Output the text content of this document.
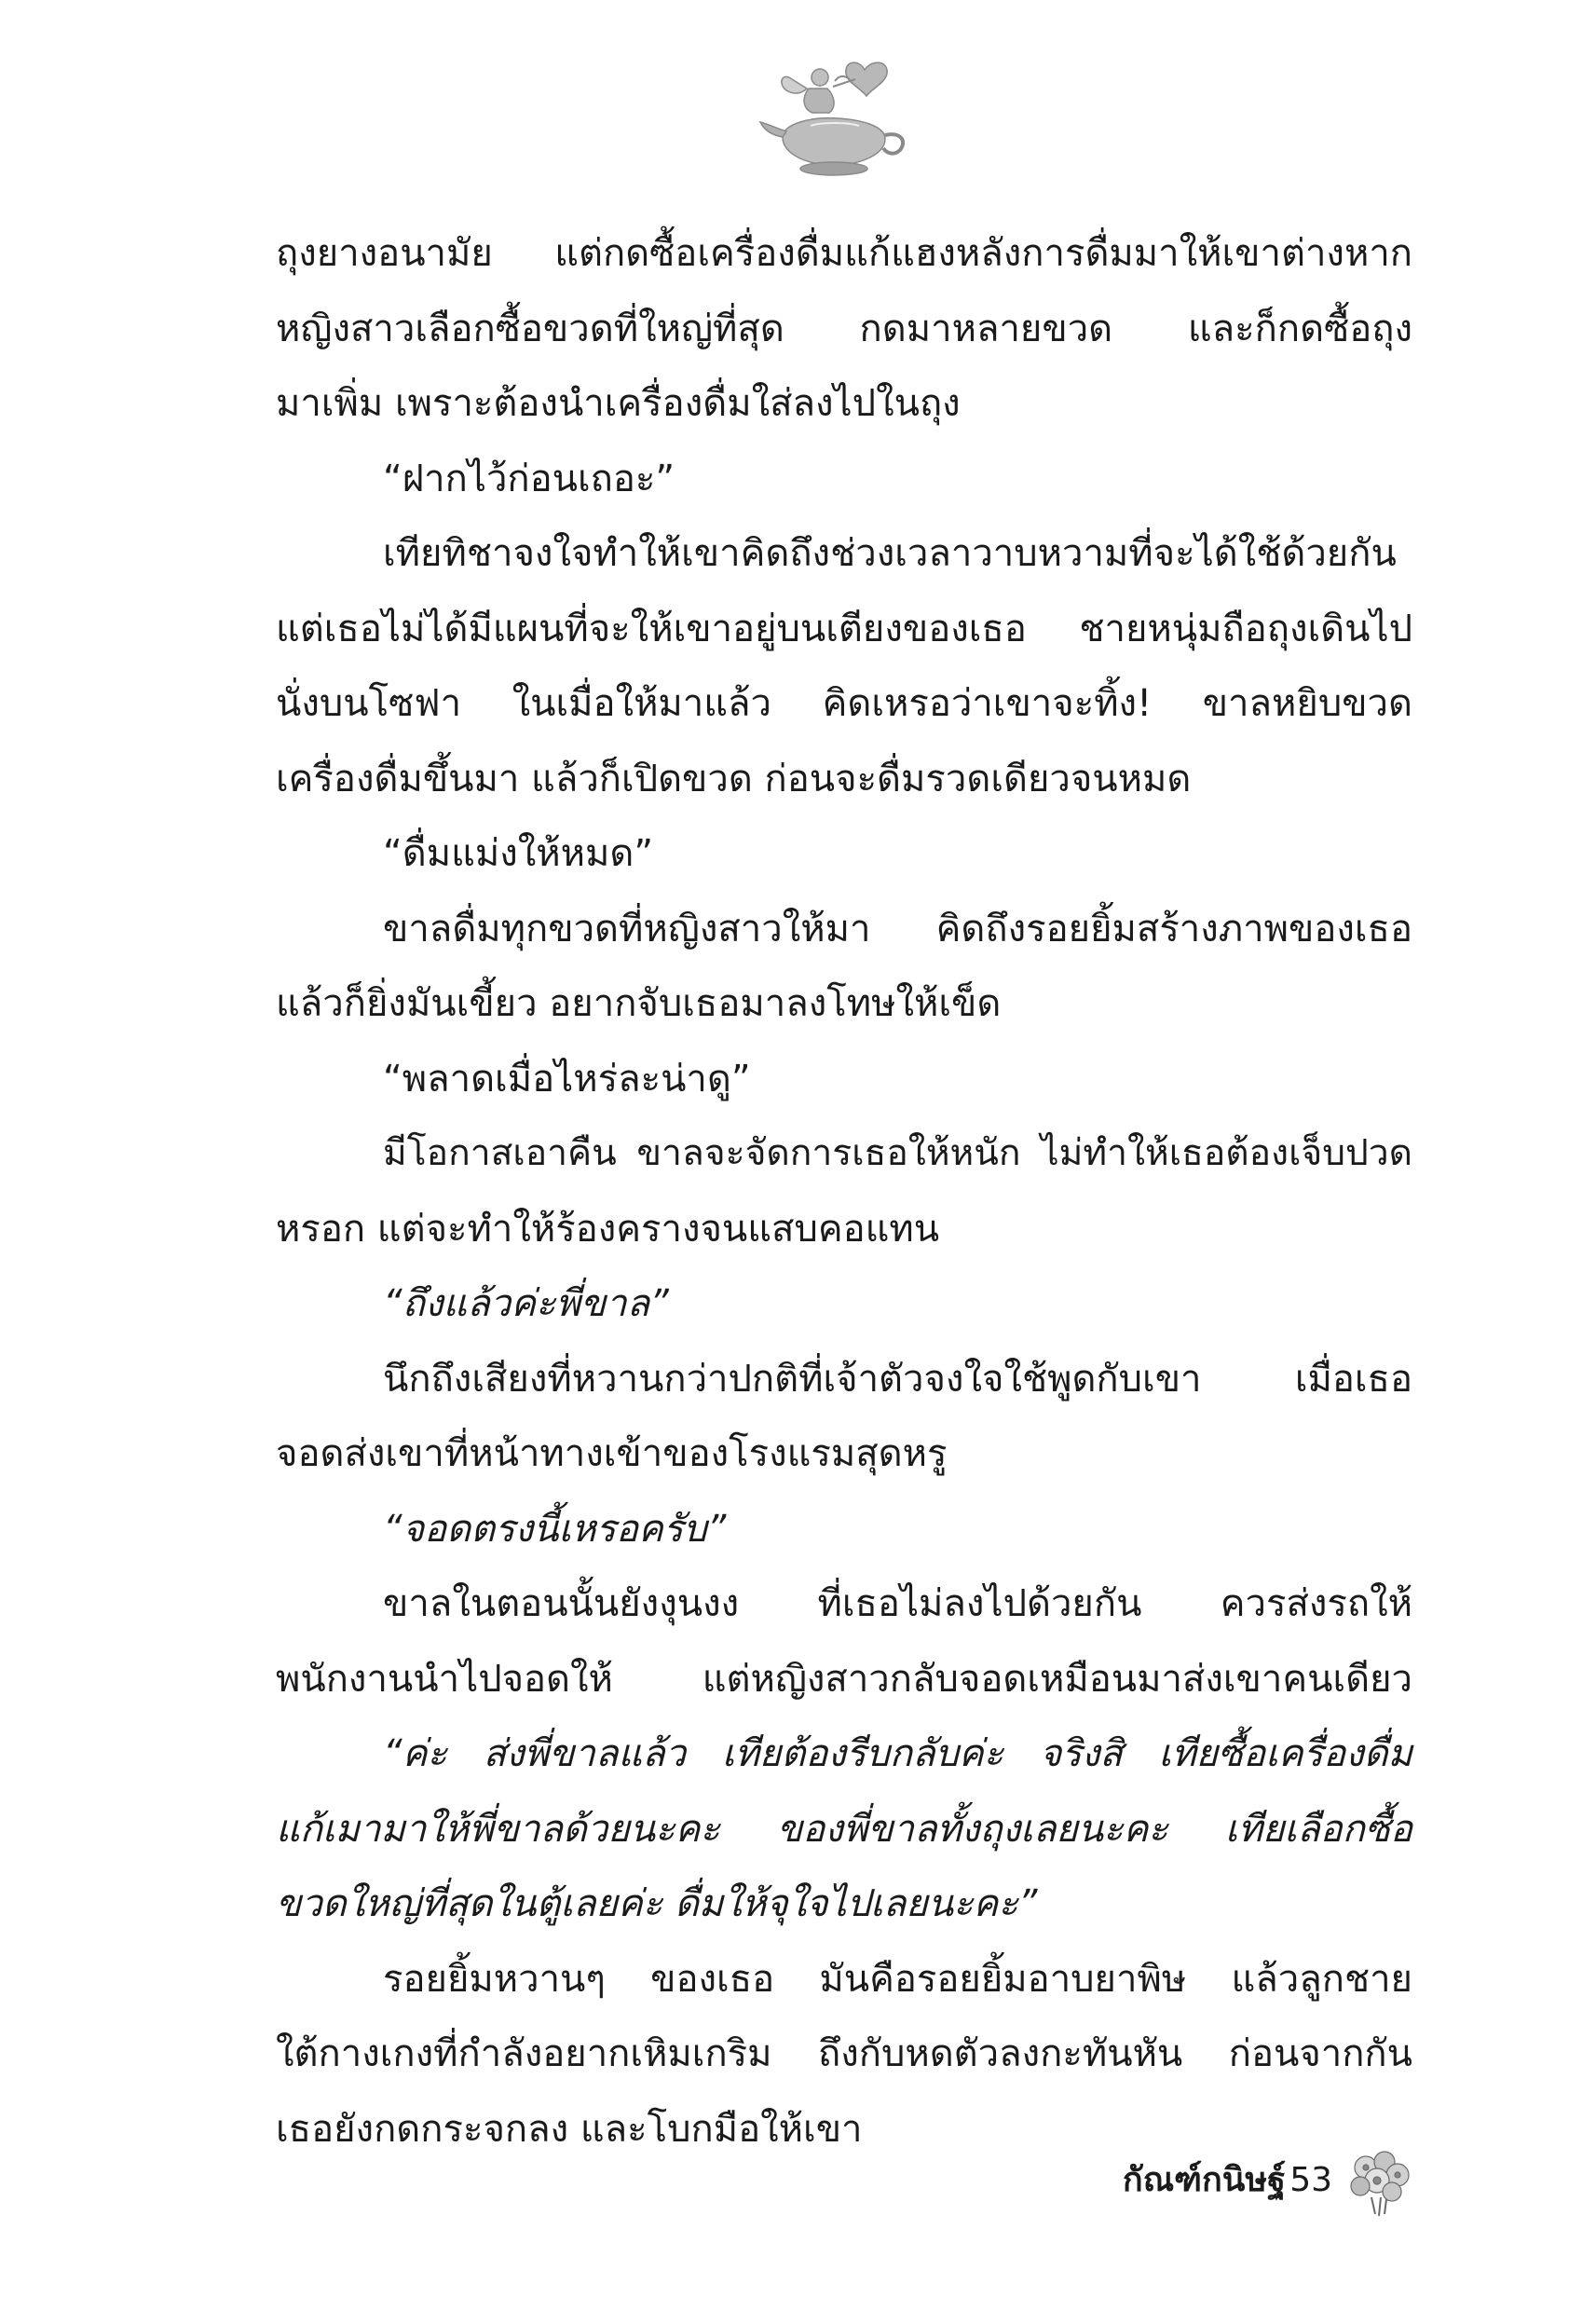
ถุงยางอนามัย แต่กดซื้อเครื่องดื่มแก้แฮงหลังการดื่มมาให้เขาต่างหาก
หญิงสาวเลือกซื้อขวดที่ใหญ่ที่สุด กดมาหลายขวด และก็กดซื้อถุง
มาเพิ่ม เพราะต้องนำเครื่องดื่มใส่ลงไปในถุง
“ฝากไว้ก่อนเถอะ”
เทียทิชาจงใจทำให้เขาคิดถึงช่วงเวลาวาบหวามที่จะได้ใช้ด้วยกัน
แต่เธอไม่ได้มีแผนที่จะให้เขาอยู่บนเตียงของเธอ ชายหนุ่มถือถุงเดินไป
นั่งบนโซฟา ในเมื่อให้มาแล้ว คิดเหรอว่าเขาจะทิ้ง! ขาลหยิบขวด
เครื่องดื่มขึ้นมา แล้วก็เปิดขวด ก่อนจะดื่มรวดเดียวจนหมด
“ดื่มแม่งให้หมด”
ขาลดื่มทุกขวดที่หญิงสาวให้มา คิดถึงรอยยิ้มสร้างภาพของเธอ
แล้วก็ยิ่งมันเขี้ยว อยากจับเธอมาลงโทษให้เข็ด
“พลาดเมื่อไหร่ละน่าดู”
มีโอกาสเอาคืน ขาลจะจัดการเธอให้หนัก ไม่ทำให้เธอต้องเจ็บปวด
หรอก แต่จะทำให้ร้องครางจนแสบคอแทน
“ถึงแล้วค่ะพี่ขาล”
นึกถึงเสียงที่หวานกว่าปกติที่เจ้าตัวจงใจใช้พูดกับเขา เมื่อเธอ
จอดส่งเขาที่หน้าทางเข้าของโรงแรมสุดหรู
“จอดตรงนี้เหรอครับ”
ขาลในตอนนั้นยังงุนงง ที่เธอไม่ลงไปด้วยกัน ควรส่งรถให้
พนักงานนำไปจอดให้ แต่หญิงสาวกลับจอดเหมือนมาส่งเขาคนเดียว
“ค่ะ ส่งพี่ขาลแล้ว เทียต้องรีบกลับค่ะ จริงสิ เทียซื้อเครื่องดื่ม
แก้เมามาให้พี่ขาลด้วยนะคะ ของพี่ขาลทั้งถุงเลยนะคะ เทียเลือกซื้อ
ขวดใหญ่ที่สุดในตู้เลยค่ะ ดื่มให้จุใจไปเลยนะคะ”
รอยยิ้มหวานๆ ของเธอ มันคือรอยยิ้มอาบยาพิษ แล้วลูกชาย
ใต้กางเกงที่กำลังอยากเหิมเกริม ถึงกับหดตัวลงกะทันหัน ก่อนจากกัน
เธอยังกดกระจกลง และโบกมือให้เขา
กัณฑ์กนิษฐ์ 53
